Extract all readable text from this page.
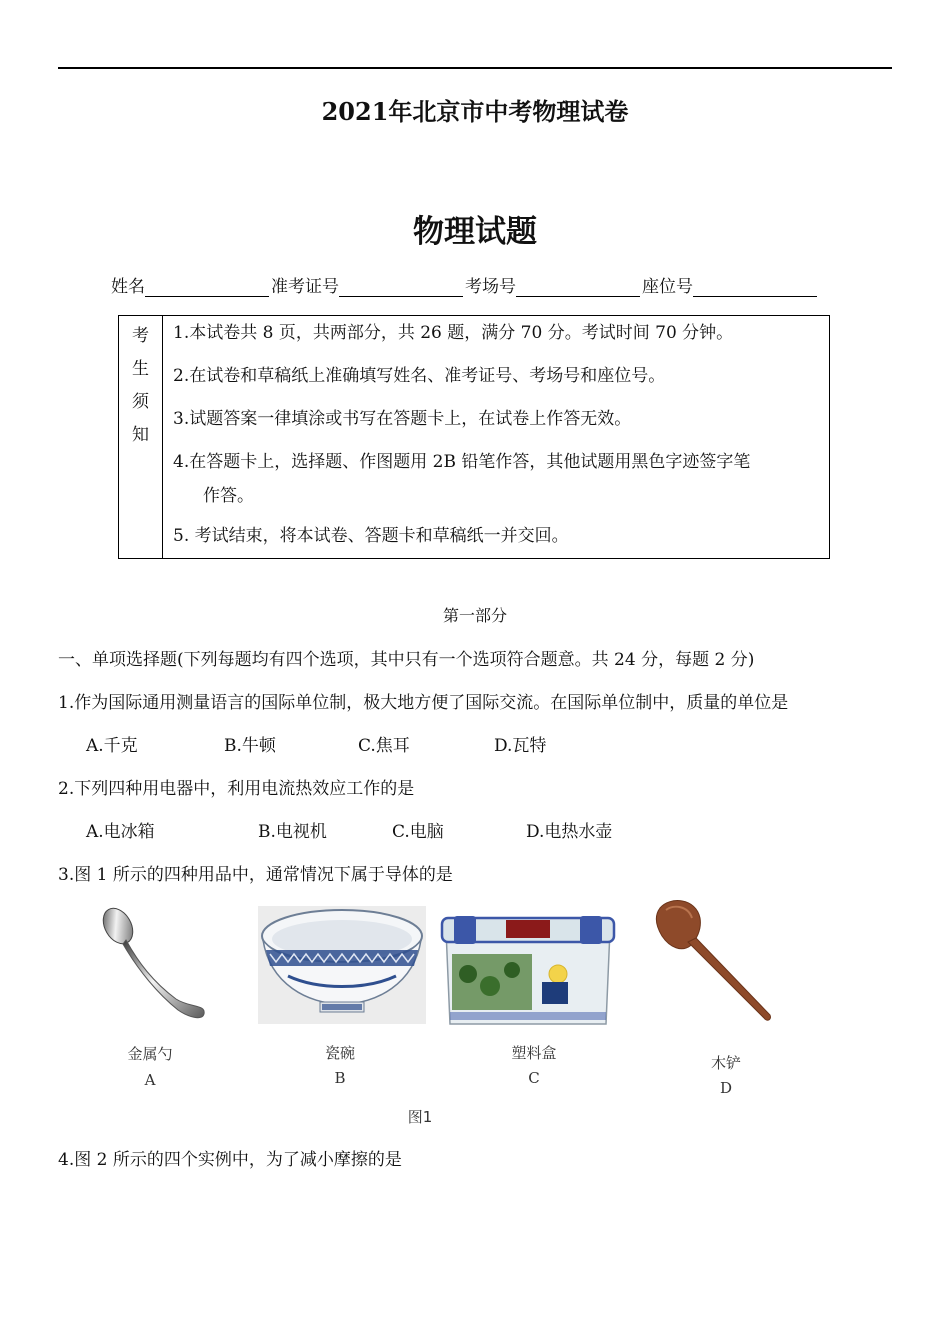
2021年北京市中考物理试卷
物理试题
姓名	准考证号	考场号	座位号
考
生
须
知
1.本试卷共 8 页，共两部分，共 26 题，满分 70 分。考试时间 70 分钟。
2.在试卷和草稿纸上准确填写姓名、准考证号、考场号和座位号。
3.试题答案一律填涂或书写在答题卡上，在试卷上作答无效。
4.在答题卡上，选择题、作图题用 2B 铅笔作答，其他试题用黑色字迹签字笔
作答。
5. 考试结束，将本试卷、答题卡和草稿纸一并交回。
第一部分
一、单项选择题(下列每题均有四个选项，其中只有一个选项符合题意。共 24 分，每题 2 分)
1.作为国际通用测量语言的国际单位制，极大地方便了国际交流。在国际单位制中，质量的单位是
A.千克	B.牛顿	C.焦耳	D.瓦特
2.下列四种用电器中，利用电流热效应工作的是
A.电冰箱	B.电视机	C.电脑	D.电热水壶
3.图 1 所示的四种用品中，通常情况下属于导体的是
金属勺
A
瓷碗
B
塑料盒
C
木铲
D
图1
4.图 2 所示的四个实例中，为了减小摩擦的是
